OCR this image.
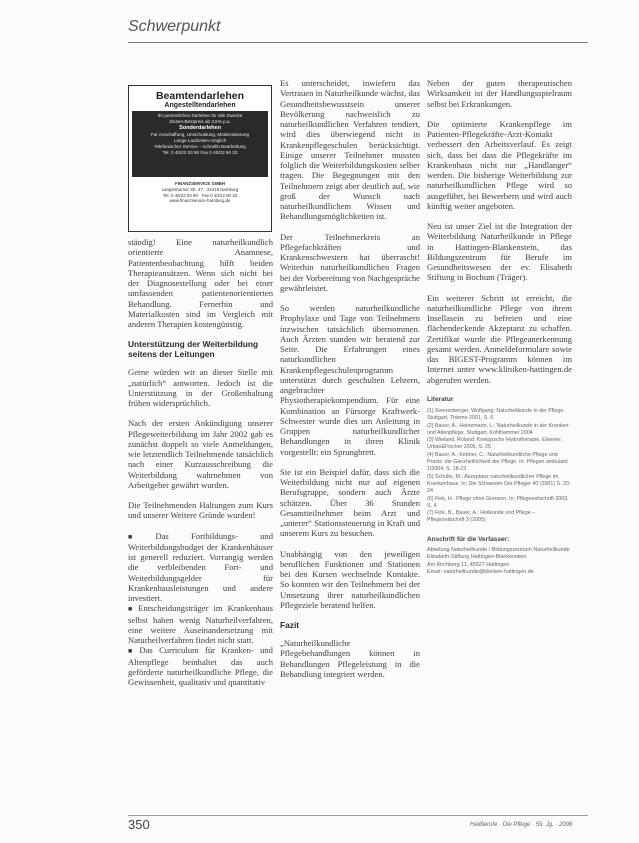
Schwerpunkt
Beamtendarlehen
Angestelltendarlehen
Ihr persönliches Darlehen für alle Zwecke
Zinsen-Bestpreis ab 3,5% p.a.
Sonderdarlehen
Für Anschaffung, Umschuldung, Modernisierung
Lange Laufzeiten möglich
Telefonischer Service – schnelle Bearbeitung
Tel. 0 40/22 03 90 Fax 0 40/22 90 33
FINANZSERVICE GMBH
Langenhorner Str. 47 · 22415 Hamburg
Tel. 0 40/22 03 90 · Fax 0 40/22 90 33
www.finanzservice-hamburg.de

ständig! Eine naturheilkundlich orientierte Anamnese, Patientenbeobachtung hilft beiden Therapieansätzen. Wenn sich nicht bei der Diagnosestellung oder bei einer umfassenden patientenorientierten Behandlung. Fernerhin und Materialkosten sind im Vergleich mit anderen Therapien kostengünstig.

Unterstützung der Weiterbildung seitens der Leitungen

Gerne würden wir an dieser Stelle mit „natürlich“ antworten. Jedoch ist die Unterstützung in der Großenhaltung frühen widersprüchlich.

Nach der ersten Ankündigung unserer Pflegeweiterbildung im Jahr 2002 gab es zunächst doppelt so viele Anmeldungen, wie letztendlich Teilnehmende tatsächlich nach einer Kurzausschreibung die Weiterbildung wahrnehmen von Arbeitgeber gewährt wurden.

Die Teilnehmenden Haltungen zum Kurs und unserer Weitere Gründe wurden!

■ Das Fortbildungs- und Weiterbildungsbudget der Krankenhäuser ist generell reduziert. Vorrangig werden die verbleibenden Fort- und Weiterbildungsgelder für Krankenhausleistungen und andere investiert.
■ Entscheidungsträger im Krankenhaus selbst haben wenig Naturheilverfahren, eine weitere Auseinandersetzung mit Naturheilverfahren findet nicht statt.
■ Das Curriculum für Kranken- und Altenpflege beinhaltet das auch geförderte naturheilkundliche Pflege, die Gewissenheit, qualitativ und quantitativ

Es unterscheidet, inwiefern das Vertrauen in Naturheilkunde wächst, das Gesundheitsbewusstsein unserer Bevölkerung nachweislich zu naturheilkundlichen Verfahren tendiert, wird dies überwiegend nicht in Krankenpflegeschulen berücksichtigt. Einige unserer Teilnehmer mussten folglich die Weiterbildungskosten selber tragen. Die Begegnungen mit den Teilnehmern zeigt aber deutlich auf, wie groß der Wunsch nach naturheilkundlichem Wissen und Behandlungsmöglichkeiten ist.

Der Teilnehmerkreis an Pflegefachkräften und Krankenschwestern hat überrascht! Weiterhin naturheilkundlichen Fragen bei der Vorbereitung von Nachgespräche gewährleistet.

So werden naturheilkundliche Prophylaxe und Tage von Teilnehmern inzwischen tatsächlich übernommen. Auch Ärzten standen wir beratend zur Seite. Die Erfahrungen eines naturkundlichen Krankenpflegeschulenprogramm unterstützt durch geschulten Lehrern, angebrachter Physiotherapiekompendium. Für eine Kombination an Fürsorge Kraftwerk-Schwester wurde dies um Anleitung in Gruppen naturheilkundlicher Behandlungen in ihren Klinik vorgestellt: ein Sprungbrett.

Sie ist ein Beispiel dafür, dass sich die Weiterbildung nicht nur auf eigenen Berufsgruppe, sondern auch Ärzte schätzen. Über 36 Stunden Gesamtteilnehmer beim Arzt und „unterer“ Stationssteuerung in Kraft und unserem Kurs zu besuchen.

Unabhängig von den jeweiligen beruflichen Funktionen und Stationen bei den Kursen wechselnde Kontakte. So konnten wir den Teilnehmern bei der Umsetzung ihrer naturheilkundlichen Pflegeziele beratend helfen.

Fazit

„Naturheilkundliche Pflegebehandlungen können in Behandlungen Pflegeleistung in die Behandlung integriert werden.

Neben der guten therapeutischen Wirksamkeit ist der Handlungsspielraum selbst bei Erkrankungen.

Die optimierte Krankenpflege im Patienten-Pflegekräfte-Arzt-Kontakt verbessert den Arbeitsverlauf. Es zeigt sich, dass bei dass die Pflegekräfte im Krankenhaus nicht nur „Handlanger“ werden. Die bisherige Weiterbildung zur naturheilkundlichen Pflege wird so ausgeführt, bei Bewerbern und wird auch künftig weiter angeboten.

Neu ist unser Ziel ist die Integration der Weiterbildung Naturheilkunde in Pflege in Hattingen-Blankenstein, das Bildungszentrum für Berufe im Gesundheitswesen der ev. Elisabeth Stiftung in Bochum (Träger).

Ein weiterer Schritt ist erreicht, die naturheilkundliche Pflege von ihrem Insellasein zu befreien und eine flächendeckende Akzeptanz zu schaffen. Zertifikat wurde die Pflegeanerkennung gesamt werden. Anmeldeformulare sowie das BIGEST-Programm können im Internet unter www.kliniken-hattingen.de abgerufen werden.

Literatur
(1) Sonnenberger, Wolfgang: Naturheilkunde in der Pflege. Stuttgart, Thieme 2001, S. 6
(2) Bauer, A., Heinemann, L.: Naturheilkunde in der Kranken- und Altenpflege. Stuttgart, Kohlhammer 2004
(3) Wieland, Roland: Kneippsche Hydrotherapie, Elsevier, Urban&Fischer 2005, S. 25
(4) Bauer, A., Kettner, C.: Naturheilkundliche Pflege und Praxis: die Ganzheitlichkeit der Pflege. In: Pflegen ambulant 1/2004, S. 18-23
(5) Schulte, M.: Akzeptanz naturheilkundlicher Pflege im Krankenhaus. In: Die Schwester Der Pfleger 40 (2001) S. 20-24
(6) Fink, H.: Pflege ohne Grenzen. In: Pflegezeitschrift 2003, S. 4
(7) Fink, B., Bauer, A.: Heilkunde und Pflege – Pflegezeitschrift 3 (2005)
Anschrift für die Verfasser:
Abteilung Naturheilkunde / Bildungszentrum Naturheilkunde
Elisabeth-Stiftung Hattingen-Blankenstein
Am Kirchberg 11, 45527 Hattingen
Email: naturheilkunde@kliniken-hattingen.de
350	Heilberufe · Die Pflege · 59. Jg. · 2006
